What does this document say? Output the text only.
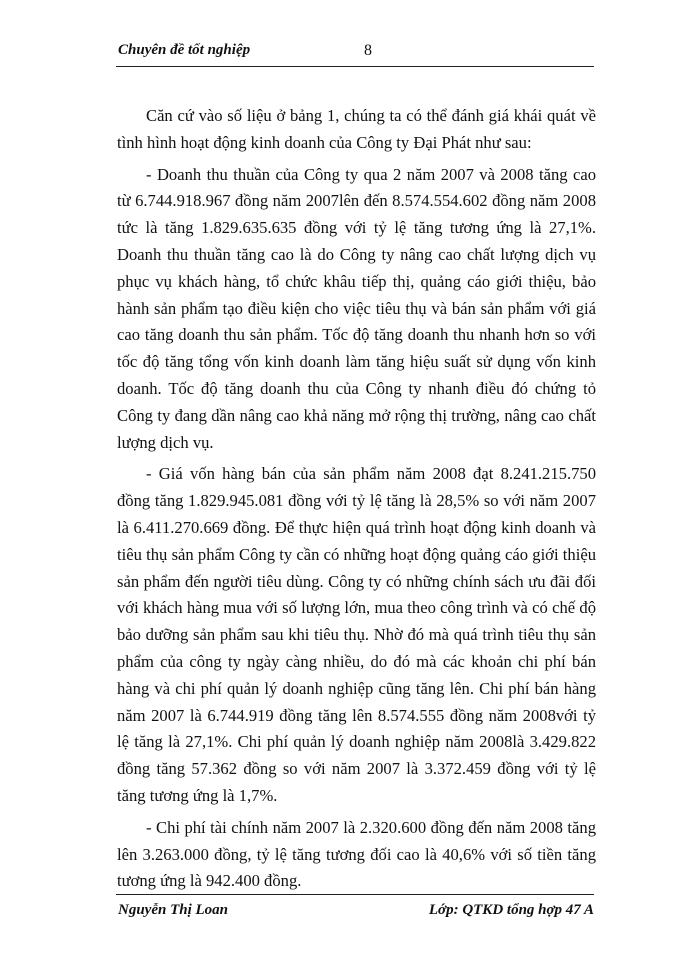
Chuyên đề tốt nghiệp	8

Căn cứ vào số liệu ở bảng 1, chúng ta có thể đánh giá khái quát về tình hình hoạt động kinh doanh của Công ty Đại Phát như sau:

- Doanh thu thuần của Công ty qua 2 năm 2007 và 2008 tăng cao từ 6.744.918.967 đồng năm 2007lên đến 8.574.554.602 đồng năm 2008 tức là tăng 1.829.635.635 đồng với tỷ lệ tăng tương ứng là 27,1%. Doanh thu thuần tăng cao là do Công ty nâng cao chất lượng dịch vụ phục vụ khách hàng, tổ chức khâu tiếp thị, quảng cáo giới thiệu, bảo hành sản phẩm tạo điều kiện cho việc tiêu thụ và bán sản phẩm với giá cao tăng doanh thu sản phẩm. Tốc độ tăng doanh thu nhanh hơn so với tốc độ tăng tổng vốn kinh doanh làm tăng hiệu suất sử dụng vốn kinh doanh. Tốc độ tăng doanh thu của Công ty nhanh điều đó chứng tỏ Công ty đang dần nâng cao khả năng mở rộng thị trường, nâng cao chất lượng dịch vụ.

- Giá vốn hàng bán của sản phẩm năm 2008 đạt 8.241.215.750 đồng tăng 1.829.945.081 đồng với tỷ lệ tăng là 28,5% so với năm 2007 là 6.411.270.669 đồng. Để thực hiện quá trình hoạt động kinh doanh và tiêu thụ sản phẩm Công ty cần có những hoạt động quảng cáo giới thiệu sản phẩm đến người tiêu dùng. Công ty có những chính sách ưu đãi đối với khách hàng mua với số lượng lớn, mua theo công trình và có chế độ bảo dưỡng sản phẩm sau khi tiêu thụ. Nhờ đó mà quá trình tiêu thụ sản phẩm của công ty ngày càng nhiều, do đó mà các khoản chi phí bán hàng và chi phí quản lý doanh nghiệp cũng tăng lên. Chi phí bán hàng năm 2007 là 6.744.919 đồng tăng lên 8.574.555 đồng năm 2008với tỷ lệ tăng là 27,1%. Chi phí quản lý doanh nghiệp năm 2008là 3.429.822 đồng tăng 57.362 đồng so với năm 2007 là 3.372.459 đồng với tỷ lệ tăng tương ứng là 1,7%.

- Chi phí tài chính năm 2007 là 2.320.600 đồng đến năm 2008 tăng lên 3.263.000 đồng, tỷ lệ tăng tương đối cao là 40,6% với số tiền tăng tương ứng là 942.400 đồng.

Nguyễn Thị Loan	Lớp: QTKD tổng hợp 47 A
